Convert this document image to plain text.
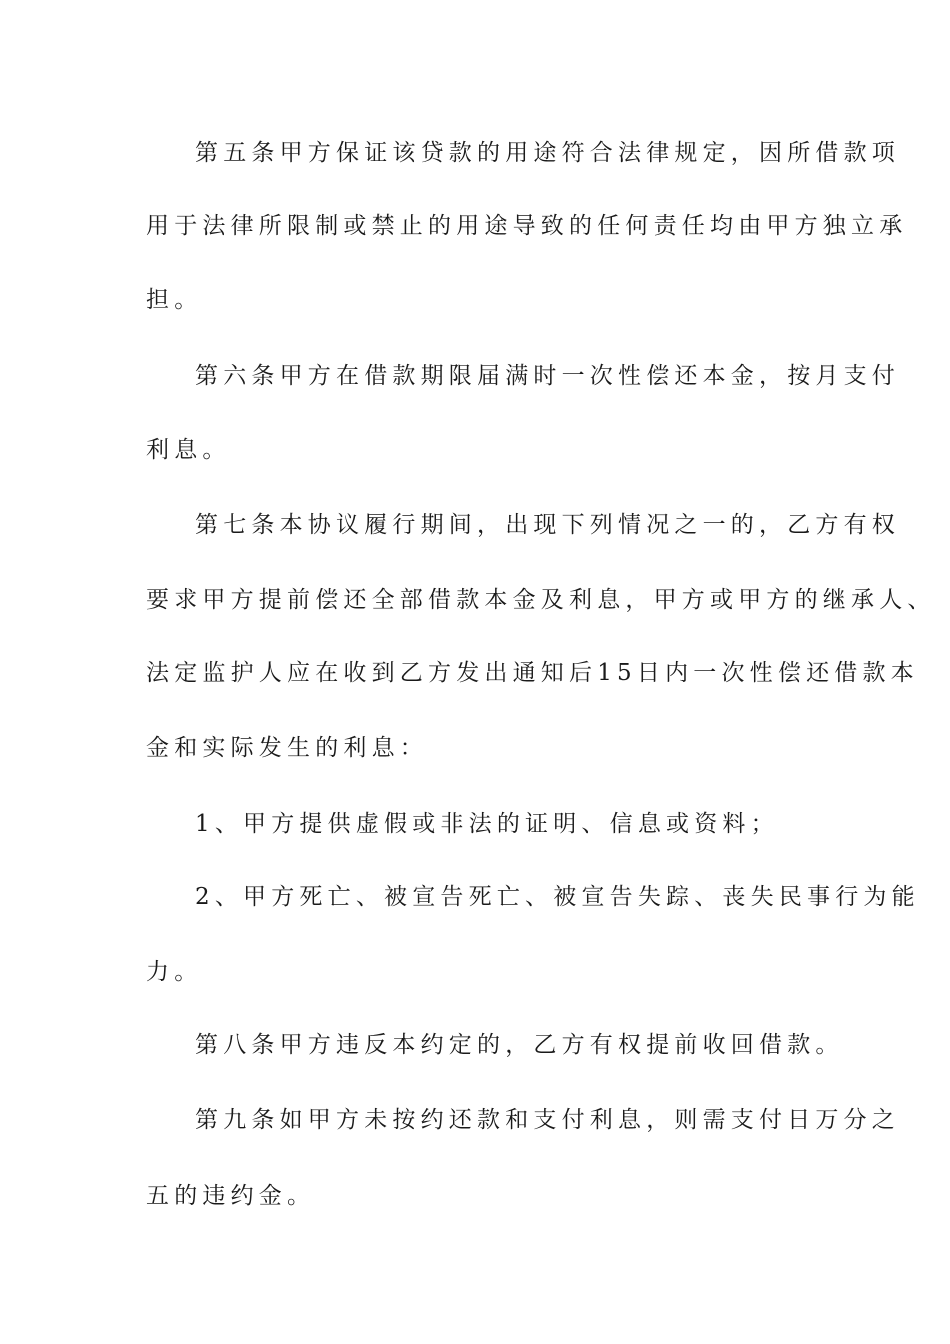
第五条甲方保证该贷款的用途符合法律规定，因所借款项
用于法律所限制或禁止的用途导致的任何责任均由甲方独立承
担。
第六条甲方在借款期限届满时一次性偿还本金，按月支付
利息。
第七条本协议履行期间，出现下列情况之一的，乙方有权
要求甲方提前偿还全部借款本金及利息，甲方或甲方的继承人、
法定监护人应在收到乙方发出通知后15日内一次性偿还借款本
金和实际发生的利息：
1、甲方提供虚假或非法的证明、信息或资料；
2、甲方死亡、被宣告死亡、被宣告失踪、丧失民事行为能
力。
第八条甲方违反本约定的，乙方有权提前收回借款。
第九条如甲方未按约还款和支付利息，则需支付日万分之
五的违约金。
